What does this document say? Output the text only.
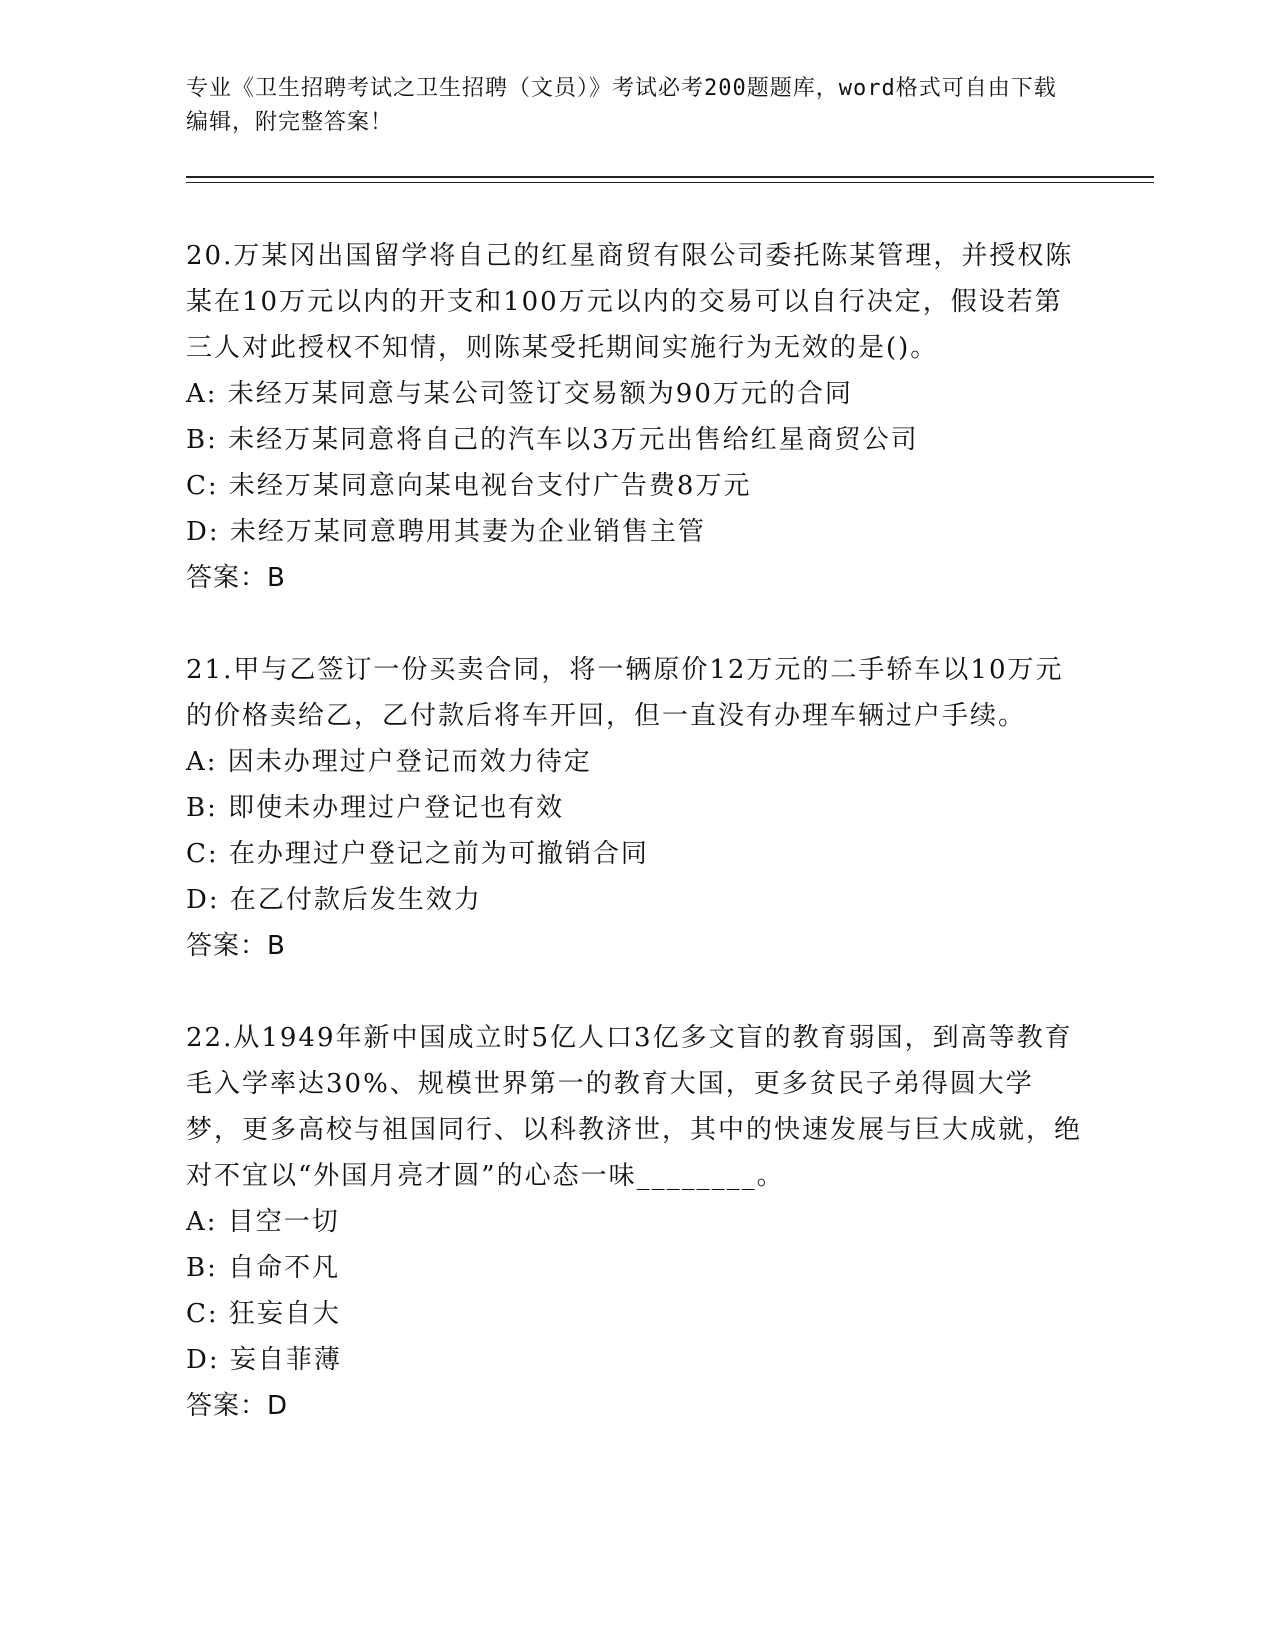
专业《卫生招聘考试之卫生招聘（文员）》考试必考200题题库，word格式可自由下载编辑，附完整答案！

20.万某冈出国留学将自己的红星商贸有限公司委托陈某管理，并授权陈某在10万元以内的开支和100万元以内的交易可以自行决定，假设若第三人对此授权不知情，则陈某受托期间实施行为无效的是()。

A: 未经万某同意与某公司签订交易额为90万元的合同

B: 未经万某同意将自己的汽车以3万元出售给红星商贸公司

C: 未经万某同意向某电视台支付广告费8万元

D: 未经万某同意聘用其妻为企业销售主管

答案：B

21.甲与乙签订一份买卖合同，将一辆原价12万元的二手轿车以10万元的价格卖给乙，乙付款后将车开回，但一直没有办理车辆过户手续。

A: 因未办理过户登记而效力待定

B: 即使未办理过户登记也有效

C: 在办理过户登记之前为可撤销合同

D: 在乙付款后发生效力

答案：B

22.从1949年新中国成立时5亿人口3亿多文盲的教育弱国，到高等教育毛入学率达30%、规模世界第一的教育大国，更多贫民子弟得圆大学梦，更多高校与祖国同行、以科教济世，其中的快速发展与巨大成就，绝对不宜以“外国月亮才圆”的心态一味________。

A: 目空一切

B: 自命不凡

C: 狂妄自大

D: 妄自菲薄

答案：D
